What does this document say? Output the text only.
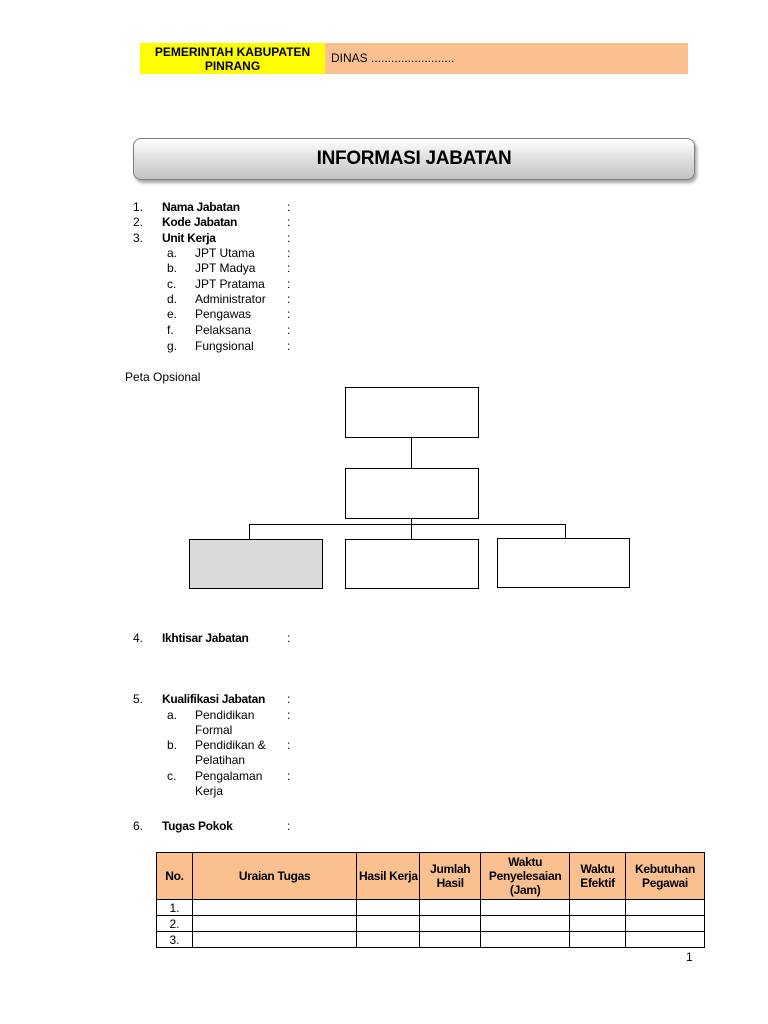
PEMERINTAH KABUPATEN PINRANG
DINAS .........................
INFORMASI JABATAN
1. Nama Jabatan	:
2. Kode Jabatan	:
3. Unit Kerja	:
a. JPT Utama	:
b. JPT Madya	:
c. JPT Pratama :
d. Administrator :
e. Pengawas	:
f. Pelaksana	:
g. Fungsional	:
Peta Opsional
4. Ikhtisar Jabatan	:
5. Kualifikasi Jabatan :
a. Pendidikan
Formal
:
b. Pendidikan &
Pelatihan
:
c. Pengalaman
Kerja
:
6. Tugas Pokok	:
No.	Uraian Tugas	Hasil Kerja	Jumlah Hasil	Waktu Penyelesaian (Jam)	Waktu Efektif	Kebutuhan Pegawai
1.						
2.						
3.						
1
